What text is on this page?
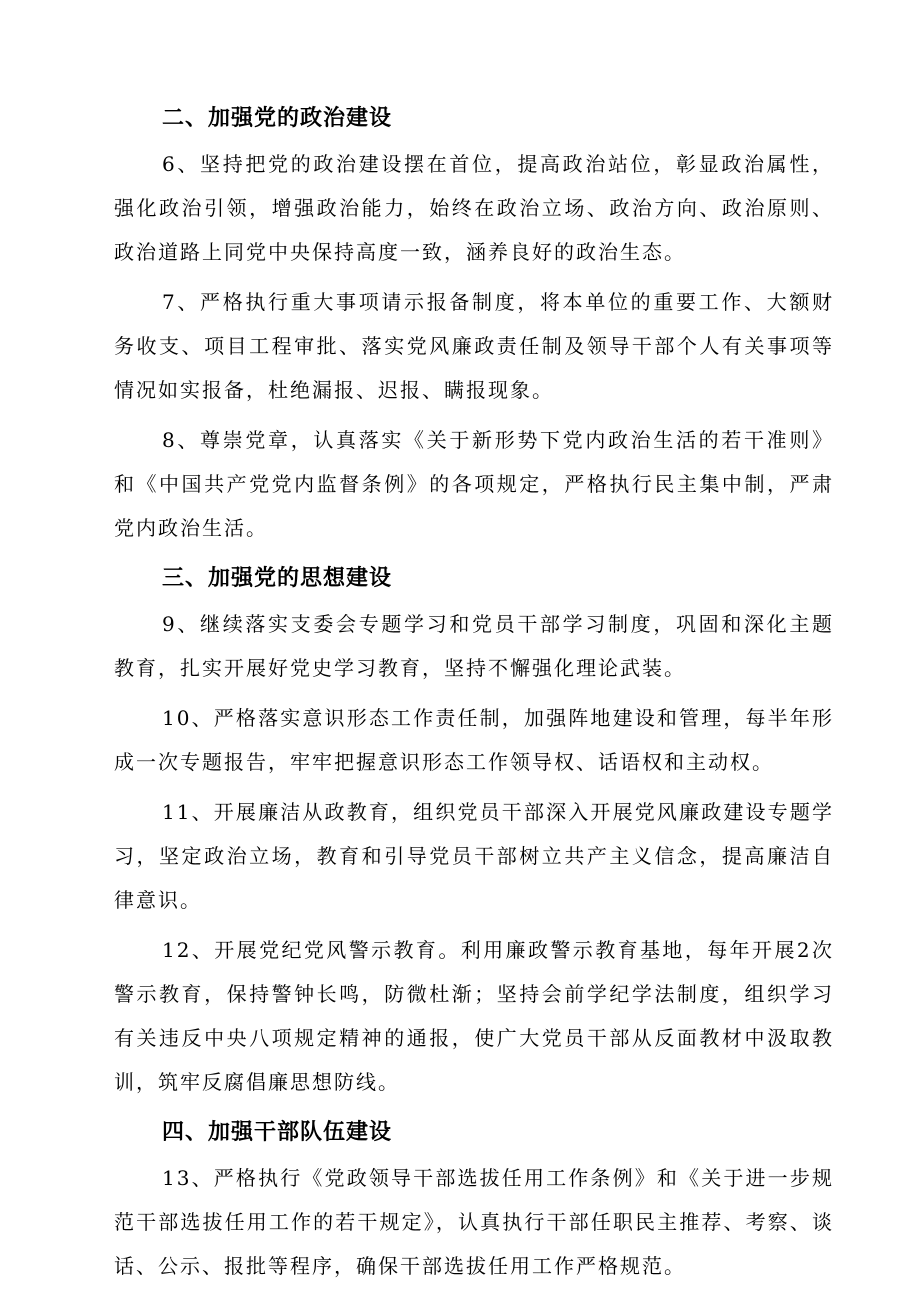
二、加强党的政治建设

6、坚持把党的政治建设摆在首位，提高政治站位，彰显政治属性，强化政治引领，增强政治能力，始终在政治立场、政治方向、政治原则、政治道路上同党中央保持高度一致，涵养良好的政治生态。

7、严格执行重大事项请示报备制度，将本单位的重要工作、大额财务收支、项目工程审批、落实党风廉政责任制及领导干部个人有关事项等情况如实报备，杜绝漏报、迟报、瞒报现象。

8、尊崇党章，认真落实《关于新形势下党内政治生活的若干准则》和《中国共产党党内监督条例》的各项规定，严格执行民主集中制，严肃党内政治生活。

三、加强党的思想建设

9、继续落实支委会专题学习和党员干部学习制度，巩固和深化主题教育，扎实开展好党史学习教育，坚持不懈强化理论武装。

10、严格落实意识形态工作责任制，加强阵地建设和管理，每半年形成一次专题报告，牢牢把握意识形态工作领导权、话语权和主动权。

11、开展廉洁从政教育，组织党员干部深入开展党风廉政建设专题学习，坚定政治立场，教育和引导党员干部树立共产主义信念，提高廉洁自律意识。

12、开展党纪党风警示教育。利用廉政警示教育基地，每年开展2次警示教育，保持警钟长鸣，防微杜渐；坚持会前学纪学法制度，组织学习有关违反中央八项规定精神的通报，使广大党员干部从反面教材中汲取教训，筑牢反腐倡廉思想防线。

四、加强干部队伍建设

13、严格执行《党政领导干部选拔任用工作条例》和《关于进一步规范干部选拔任用工作的若干规定》，认真执行干部任职民主推荐、考察、谈话、公示、报批等程序，确保干部选拔任用工作严格规范。
